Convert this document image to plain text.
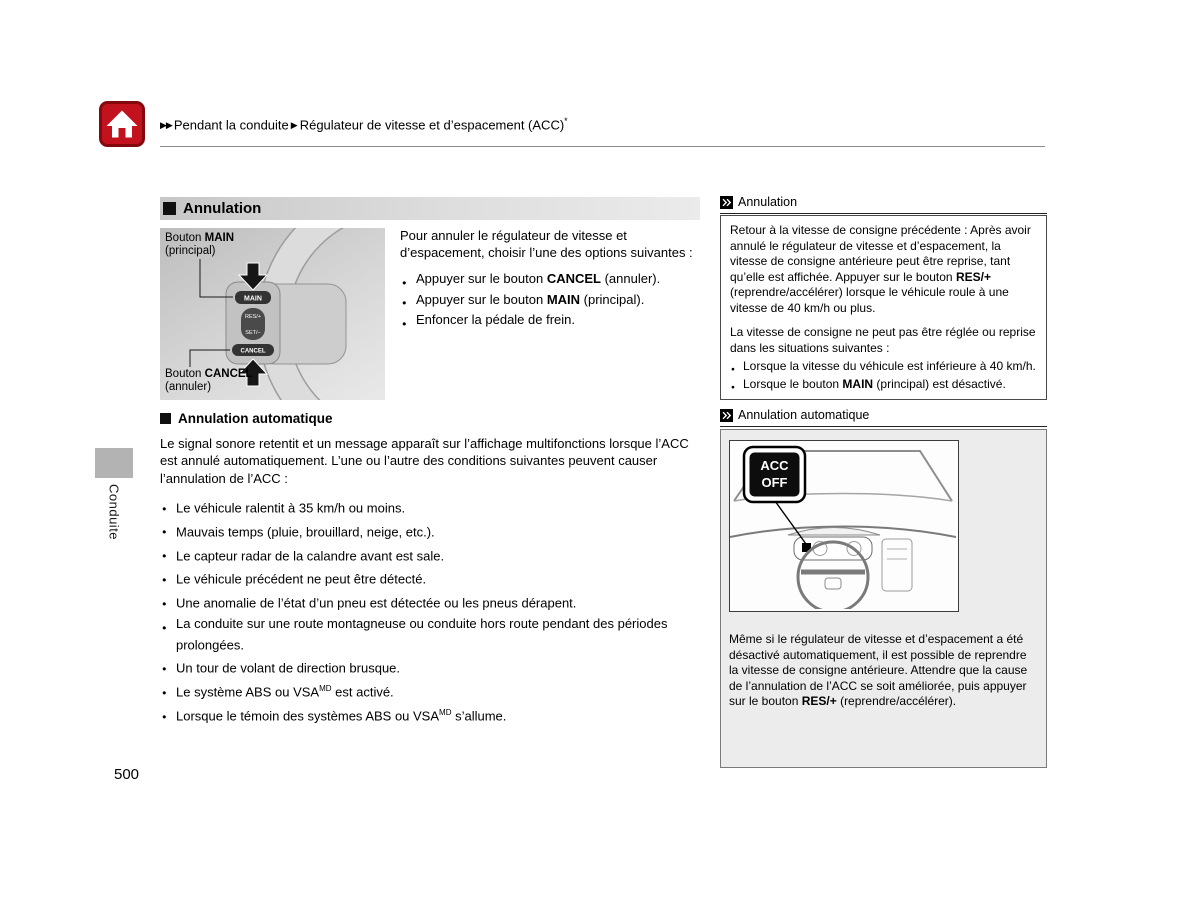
▶▶ Pendant la conduite ▶ Régulateur de vitesse et d’espacement (ACC)*
Conduite
Annulation
MAIN
RES/+
SET/−
CANCEL
Bouton MAIN
(principal)
Bouton CANCEL
(annuler)

Pour annuler le régulateur de vitesse et d’espacement, choisir l’une des options suivantes :

● Appuyer sur le bouton CANCEL (annuler).
● Appuyer sur le bouton MAIN (principal).
● Enfoncer la pédale de frein.
Annulation automatique

Le signal sonore retentit et un message apparaît sur l’affichage multifonctions lorsque l’ACC est annulé automatiquement. L’une ou l’autre des conditions suivantes peuvent causer l’annulation de l’ACC :

● Le véhicule ralentit à 35 km/h ou moins.
● Mauvais temps (pluie, brouillard, neige, etc.).
● Le capteur radar de la calandre avant est sale.
● Le véhicule précédent ne peut être détecté.
● Une anomalie de l’état d’un pneu est détectée ou les pneus dérapent.
● La conduite sur une route montagneuse ou conduite hors route pendant des périodes prolongées.
● Un tour de volant de direction brusque.
● Le système ABS ou $VSA^{MD}$ est activé.
● Lorsque le témoin des systèmes ABS ou $VSA^{MD}$ s’allume.
500
Annulation

Retour à la vitesse de consigne précédente : Après avoir annulé le régulateur de vitesse et d’espacement, la vitesse de consigne antérieure peut être reprise, tant qu’elle est affichée. Appuyer sur le bouton RES/+ (reprendre/accélérer) lorsque le véhicule roule à une vitesse de 40 km/h ou plus.

La vitesse de consigne ne peut pas être réglée ou reprise dans les situations suivantes :

● Lorsque la vitesse du véhicule est inférieure à 40 km/h.
● Lorsque le bouton MAIN (principal) est désactivé.
Annulation automatique
ACC
OFF

Même si le régulateur de vitesse et d’espacement a été désactivé automatiquement, il est possible de reprendre la vitesse de consigne antérieure. Attendre que la cause de l’annulation de l’ACC se soit améliorée, puis appuyer sur le bouton RES/+ (reprendre/accélérer).
